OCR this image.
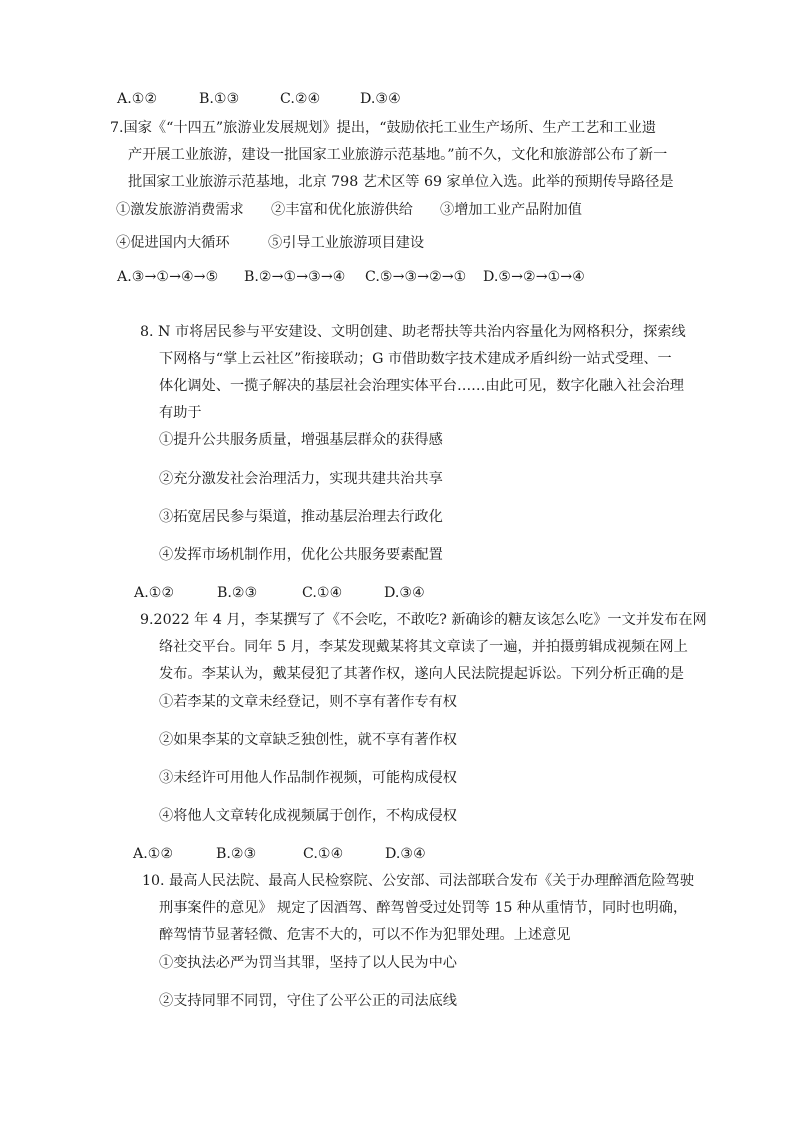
A.①②	B.①③	C.②④	D.③④
7.国家《“十四五”旅游业发展规划》提出，“鼓励依托工业生产场所、生产工艺和工业遗
产开展工业旅游，建设一批国家工业旅游示范基地。”前不久，文化和旅游部公布了新一
批国家工业旅游示范基地，北京 798 艺术区等 69 家单位入选。此举的预期传导路径是
①激发旅游消费需求 ②丰富和优化旅游供给 ③增加工业产品附加值
④促进国内大循环	⑤引导工业旅游项目建设
A.③→①→④→⑤ B.②→①→③→④ C.⑤→③→②→① D.⑤→②→①→④
8. N 市将居民参与平安建设、文明创建、助老帮扶等共治内容量化为网格积分，探索线
下网格与“掌上云社区”衔接联动；G 市借助数字技术建成矛盾纠纷一站式受理、一
体化调处、一揽子解决的基层社会治理实体平台……由此可见，数字化融入社会治理
有助于
①提升公共服务质量，增强基层群众的获得感
②充分激发社会治理活力，实现共建共治共享
③拓宽居民参与渠道，推动基层治理去行政化
④发挥市场机制作用，优化公共服务要素配置
A.①②	B.②③	C.①④	D.③④
9.2022 年 4 月，李某撰写了《不会吃，不敢吃? 新确诊的糖友该怎么吃》一文并发布在网
络社交平台。同年 5 月，李某发现戴某将其文章读了一遍，并拍摄剪辑成视频在网上
发布。李某认为，戴某侵犯了其著作权，遂向人民法院提起诉讼。下列分析正确的是
①若李某的文章未经登记，则不享有著作专有权
②如果李某的文章缺乏独创性，就不享有著作权
③未经许可用他人作品制作视频，可能构成侵权
④将他人文章转化成视频属于创作，不构成侵权
A.①②	B.②③	C.①④	D.③④
10. 最高人民法院、最高人民检察院、公安部、司法部联合发布《关于办理醉酒危险驾驶
刑事案件的意见》 规定了因酒驾、醉驾曾受过处罚等 15 种从重情节，同时也明确，
醉驾情节显著轻微、危害不大的，可以不作为犯罪处理。上述意见
①变执法必严为罚当其罪，坚持了以人民为中心
②支持同罪不同罚，守住了公平公正的司法底线
